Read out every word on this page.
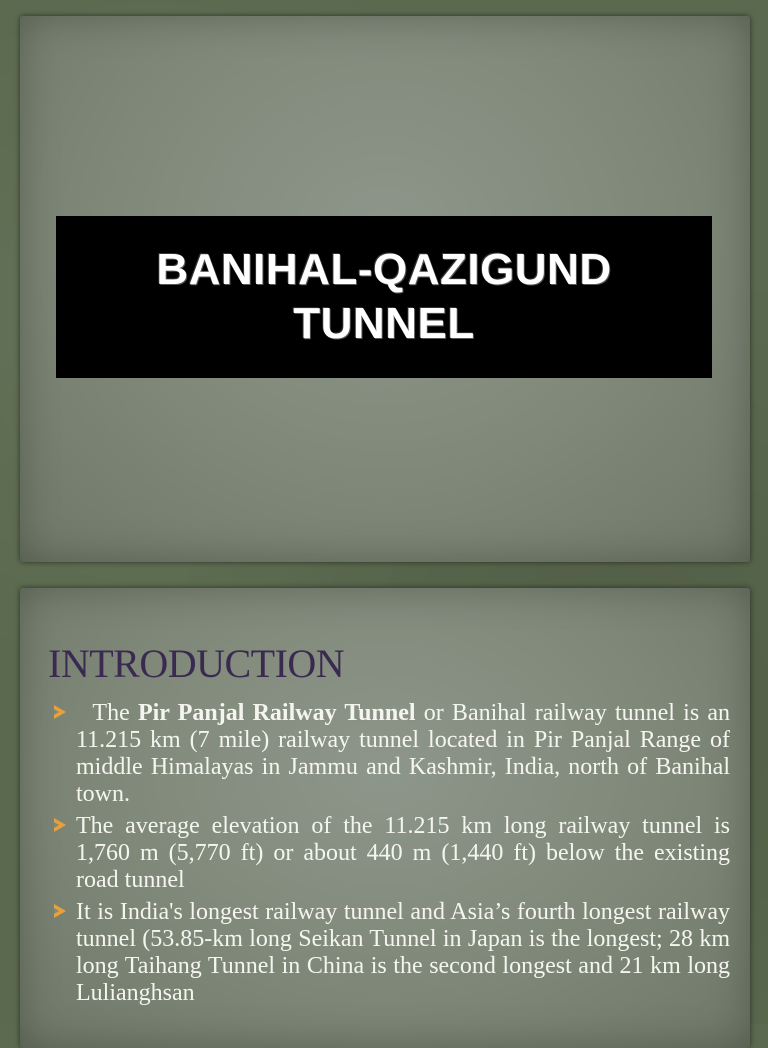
BANIHAL-QAZIGUND
TUNNEL
INTRODUCTION
The Pir Panjal Railway Tunnel or Banihal railway tunnel is an 11.215 km (7 mile) railway tunnel located in Pir Panjal Range of middle Himalayas in Jammu and Kashmir, India, north of Banihal town.
The average elevation of the 11.215 km long railway tunnel is 1,760 m (5,770 ft) or about 440 m (1,440 ft) below the existing road tunnel
It is India's longest railway tunnel and Asia’s fourth longest railway tunnel (53.85-km long Seikan Tunnel in Japan is the longest; 28 km long Taihang Tunnel in China is the second longest and 21 km long Lulianghsan
